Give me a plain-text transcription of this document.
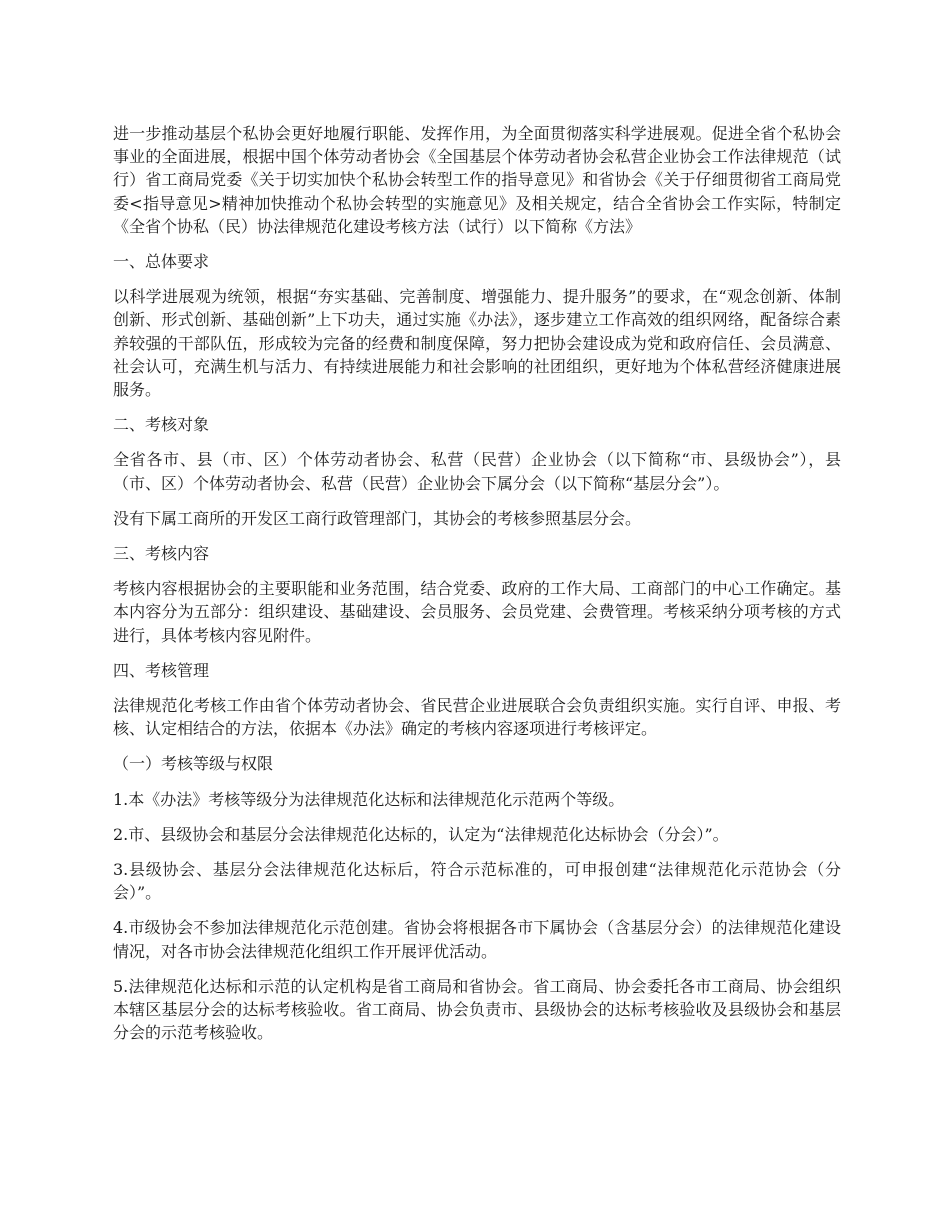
进一步推动基层个私协会更好地履行职能、发挥作用，为全面贯彻落实科学进展观。促进全省个私协会事业的全面进展，根据中国个体劳动者协会《全国基层个体劳动者协会私营企业协会工作法律规范（试行）省工商局党委《关于切实加快个私协会转型工作的指导意见》和省协会《关于仔细贯彻省工商局党委<指导意见>精神加快推动个私协会转型的实施意见》及相关规定，结合全省协会工作实际，特制定《全省个协私（民）协法律规范化建设考核方法（试行）以下简称《方法》

一、总体要求

以科学进展观为统领，根据“夯实基础、完善制度、增强能力、提升服务”的要求，在“观念创新、体制创新、形式创新、基础创新”上下功夫，通过实施《办法》，逐步建立工作高效的组织网络，配备综合素养较强的干部队伍，形成较为完备的经费和制度保障，努力把协会建设成为党和政府信任、会员满意、社会认可，充满生机与活力、有持续进展能力和社会影响的社团组织，更好地为个体私营经济健康进展服务。

二、考核对象

全省各市、县（市、区）个体劳动者协会、私营（民营）企业协会（以下简称“市、县级协会”），县（市、区）个体劳动者协会、私营（民营）企业协会下属分会（以下简称“基层分会”）。

没有下属工商所的开发区工商行政管理部门，其协会的考核参照基层分会。

三、考核内容

考核内容根据协会的主要职能和业务范围，结合党委、政府的工作大局、工商部门的中心工作确定。基本内容分为五部分：组织建设、基础建设、会员服务、会员党建、会费管理。考核采纳分项考核的方式进行，具体考核内容见附件。

四、考核管理

法律规范化考核工作由省个体劳动者协会、省民营企业进展联合会负责组织实施。实行自评、申报、考核、认定相结合的方法，依据本《办法》确定的考核内容逐项进行考核评定。

（一）考核等级与权限

1.本《办法》考核等级分为法律规范化达标和法律规范化示范两个等级。

2.市、县级协会和基层分会法律规范化达标的，认定为“法律规范化达标协会（分会）”。

3.县级协会、基层分会法律规范化达标后，符合示范标准的，可申报创建“法律规范化示范协会（分会）”。

4.市级协会不参加法律规范化示范创建。省协会将根据各市下属协会（含基层分会）的法律规范化建设情况，对各市协会法律规范化组织工作开展评优活动。

5.法律规范化达标和示范的认定机构是省工商局和省协会。省工商局、协会委托各市工商局、协会组织本辖区基层分会的达标考核验收。省工商局、协会负责市、县级协会的达标考核验收及县级协会和基层分会的示范考核验收。
